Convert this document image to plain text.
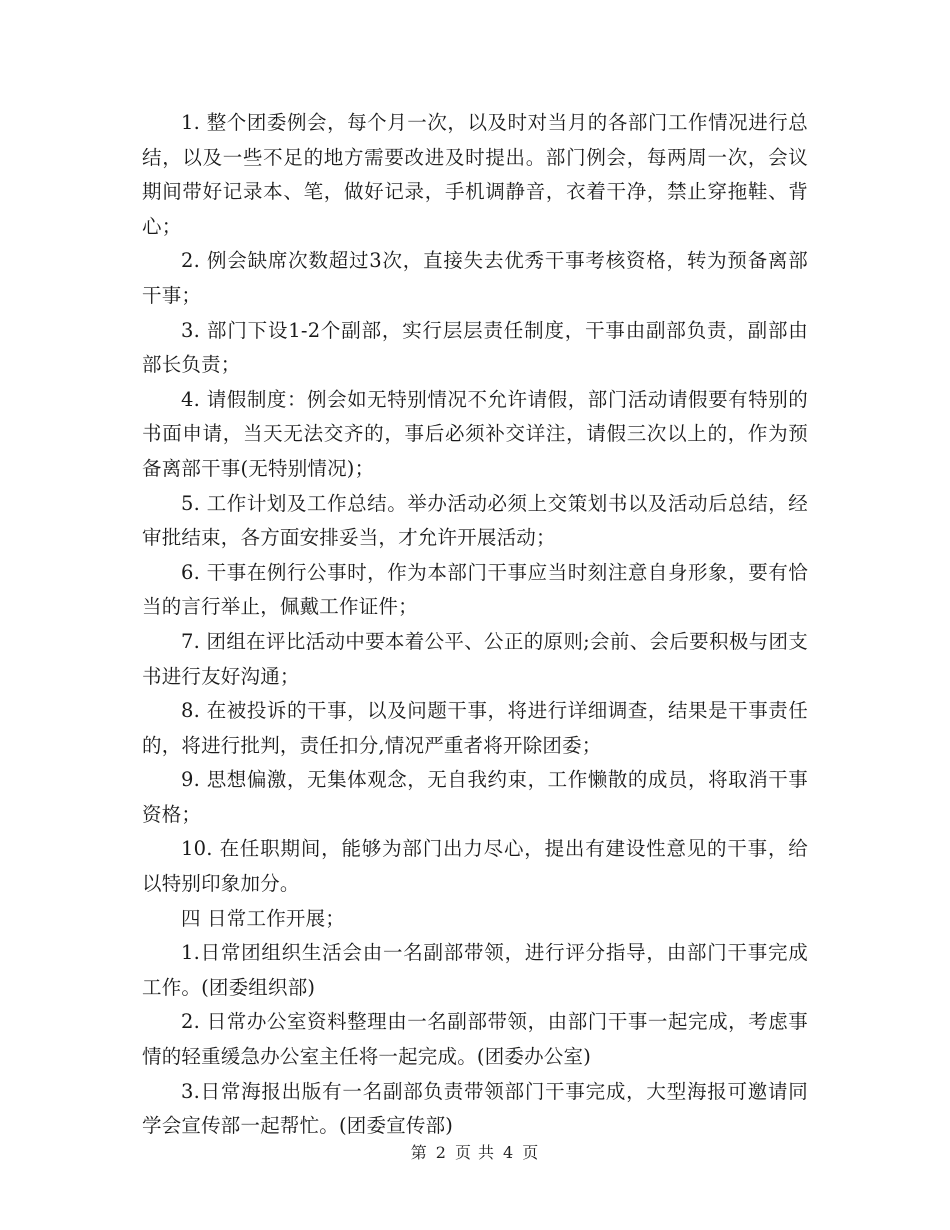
1. 整个团委例会，每个月一次，以及时对当月的各部门工作情况进行总结，以及一些不足的地方需要改进及时提出。部门例会，每两周一次，会议期间带好记录本、笔，做好记录，手机调静音，衣着干净，禁止穿拖鞋、背心；

2. 例会缺席次数超过3次，直接失去优秀干事考核资格，转为预备离部干事；

3. 部门下设1-2个副部，实行层层责任制度，干事由副部负责，副部由部长负责；

4. 请假制度：例会如无特别情况不允许请假，部门活动请假要有特别的书面申请，当天无法交齐的，事后必须补交详注，请假三次以上的，作为预备离部干事(无特别情况)；

5. 工作计划及工作总结。举办活动必须上交策划书以及活动后总结，经审批结束，各方面安排妥当，才允许开展活动；

6. 干事在例行公事时，作为本部门干事应当时刻注意自身形象，要有恰当的言行举止，佩戴工作证件；

7. 团组在评比活动中要本着公平、公正的原则;会前、会后要积极与团支书进行友好沟通；

8. 在被投诉的干事，以及问题干事，将进行详细调查，结果是干事责任的，将进行批判，责任扣分,情况严重者将开除团委；

9. 思想偏激，无集体观念，无自我约束，工作懒散的成员，将取消干事资格；

10. 在任职期间，能够为部门出力尽心，提出有建设性意见的干事，给以特别印象加分。

四 日常工作开展；

1.日常团组织生活会由一名副部带领，进行评分指导，由部门干事完成工作。(团委组织部)

2. 日常办公室资料整理由一名副部带领，由部门干事一起完成，考虑事情的轻重缓急办公室主任将一起完成。(团委办公室)

3.日常海报出版有一名副部负责带领部门干事完成，大型海报可邀请同学会宣传部一起帮忙。(团委宣传部)

第 2 页 共 4 页
